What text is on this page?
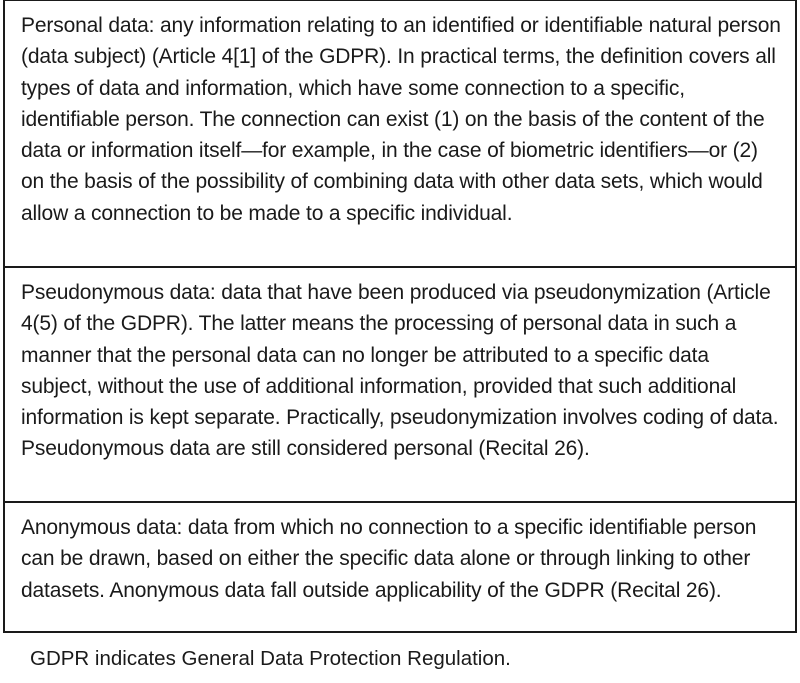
Personal data: any information relating to an identified or identifiable natural person (data subject) (Article 4[1] of the GDPR). In practical terms, the definition covers all types of data and information, which have some connection to a specific, identifiable person. The connection can exist (1) on the basis of the content of the data or information itself—for example, in the case of biometric identifiers—or (2) on the basis of the possibility of combining data with other data sets, which would allow a connection to be made to a specific individual.
Pseudonymous data: data that have been produced via pseudonymization (Article 4(5) of the GDPR). The latter means the processing of personal data in such a manner that the personal data can no longer be attributed to a specific data subject, without the use of additional information, provided that such additional information is kept separate. Practically, pseudonymization involves coding of data. Pseudonymous data are still considered personal (Recital 26).
Anonymous data: data from which no connection to a specific identifiable person can be drawn, based on either the specific data alone or through linking to other datasets. Anonymous data fall outside applicability of the GDPR (Recital 26).
GDPR indicates General Data Protection Regulation.
